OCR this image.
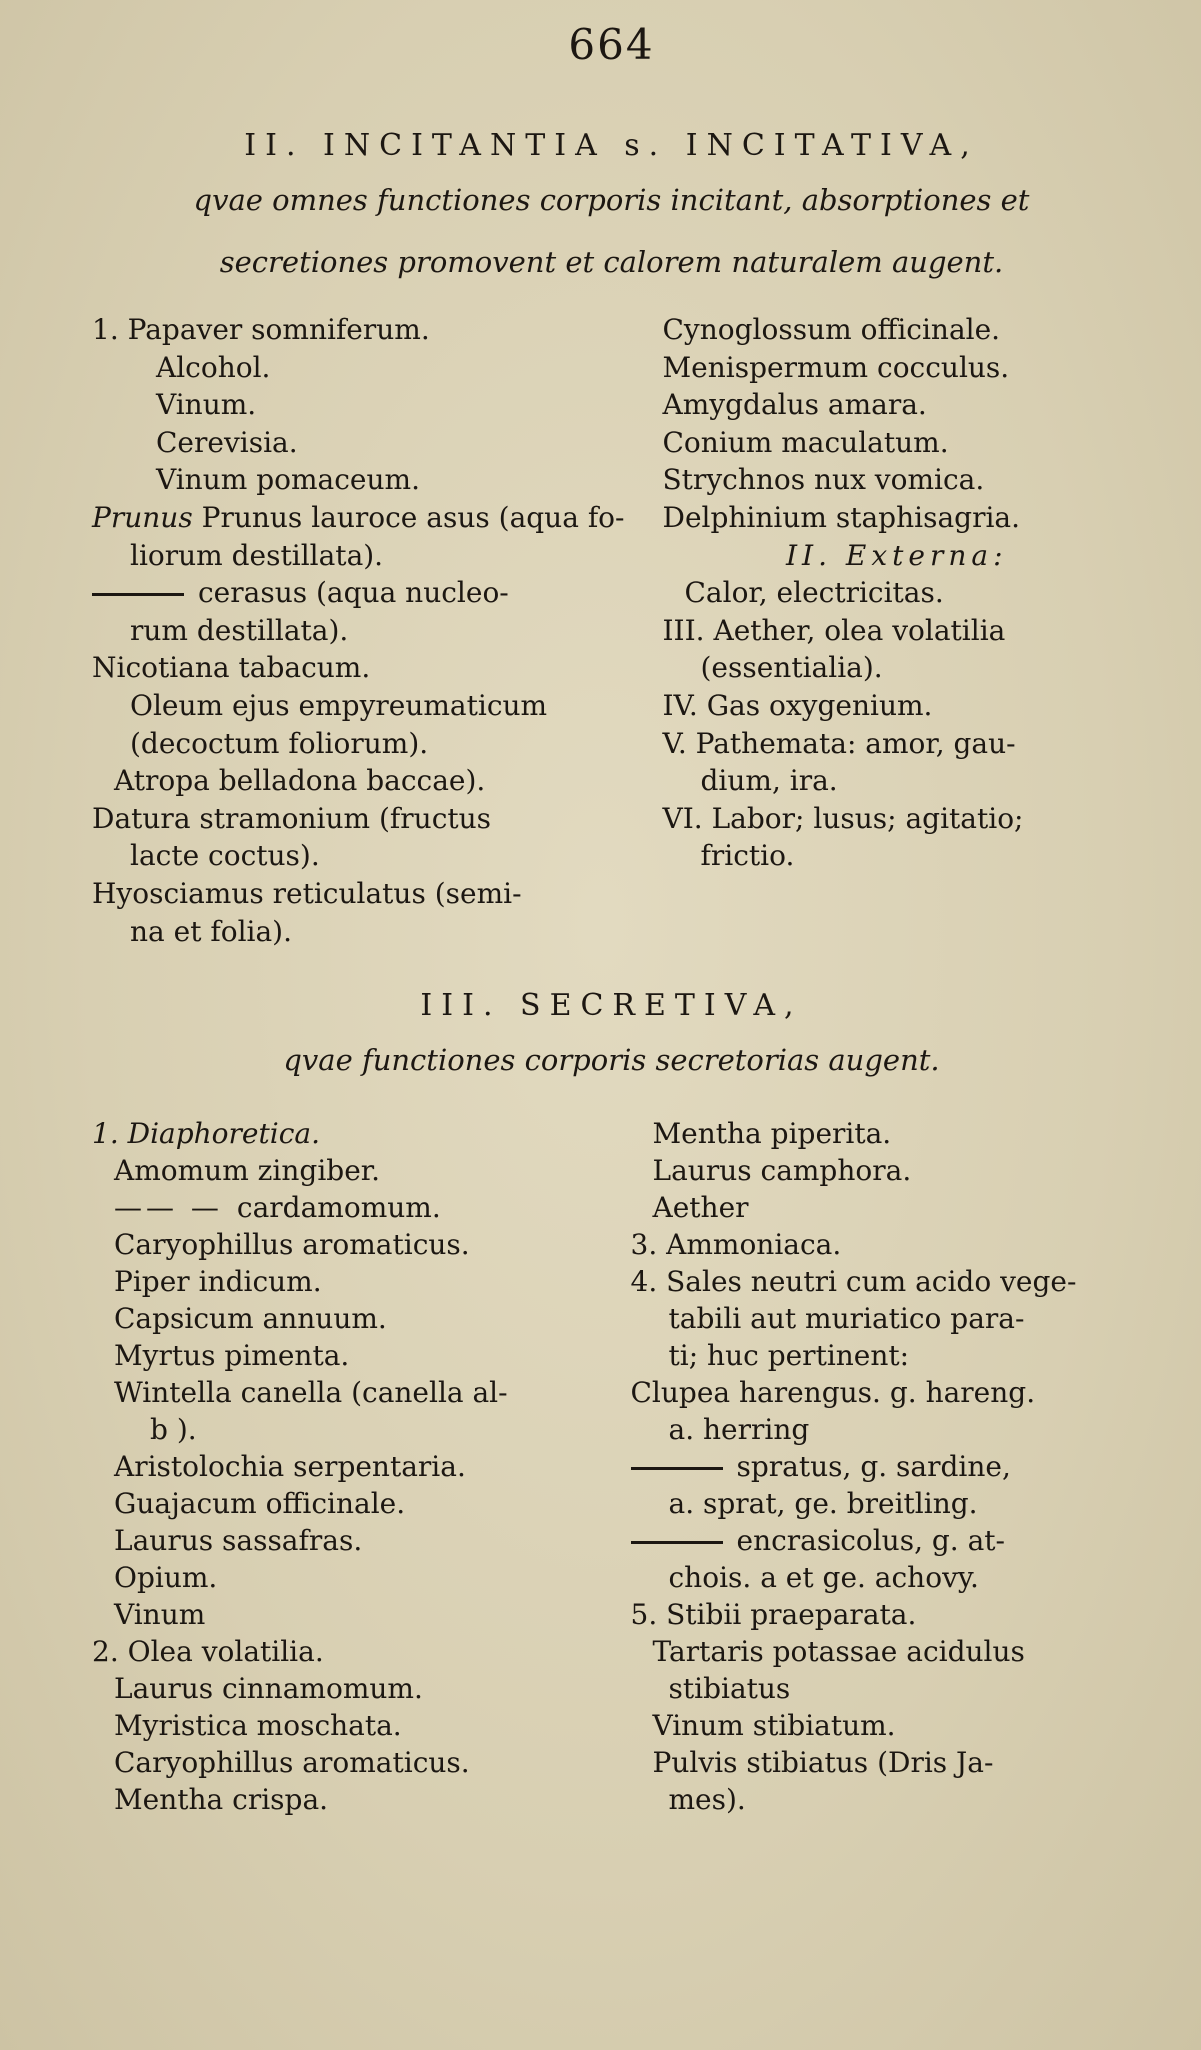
664
II. INCITANTIA s. INCITATIVA,
qvae omnes functiones corporis incitant, absorptiones et
secretiones promovent et calorem naturalem augent.
1. Papaver somniferum.
Alcohol.
Vinum.
Cerevisia.
Vinum pomaceum.
Prunus Prunus lauroce asus (aqua fo-
liorum destillata).
cerasus (aqua nucleo-
rum destillata).
Nicotiana tabacum.
Oleum ejus empyreumaticum
(decoctum foliorum).
Atropa belladona baccae).
Datura stramonium (fructus
lacte coctus).
Hyosciamus reticulatus (semi-
na et folia).
Cynoglossum officinale.
Menispermum cocculus.
Amygdalus amara.
Conium maculatum.
Strychnos nux vomica.
Delphinium staphisagria.
II. Externa:
Calor, electricitas.
III. Aether, olea volatilia
(essentialia).
IV. Gas oxygenium.
V. Pathemata: amor, gau-
dium, ira.
VI. Labor; lusus; agitatio;
frictio.
III. SECRETIVA,
qvae functiones corporis secretorias augent.
1. Diaphoretica.
Amomum zingiber.
—— — cardamomum.
Caryophillus aromaticus.
Piper indicum.
Capsicum annuum.
Myrtus pimenta.
Wintella canella (canella al-
b ).
Aristolochia serpentaria.
Guajacum officinale.
Laurus sassafras.
Opium.
Vinum
2. Olea volatilia.
Laurus cinnamomum.
Myristica moschata.
Caryophillus aromaticus.
Mentha crispa.
Mentha piperita.
Laurus camphora.
Aether
3. Ammoniaca.
4. Sales neutri cum acido vege-
tabili aut muriatico para-
ti; huc pertinent:
Clupea harengus. g. hareng.
a. herring
spratus, g. sardine,
a. sprat, ge. breitling.
encrasicolus, g. at-
chois. a et ge. achovy.
5. Stibii praeparata.
Tartaris potassae acidulus
stibiatus
Vinum stibiatum.
Pulvis stibiatus (Dris Ja-
mes).
